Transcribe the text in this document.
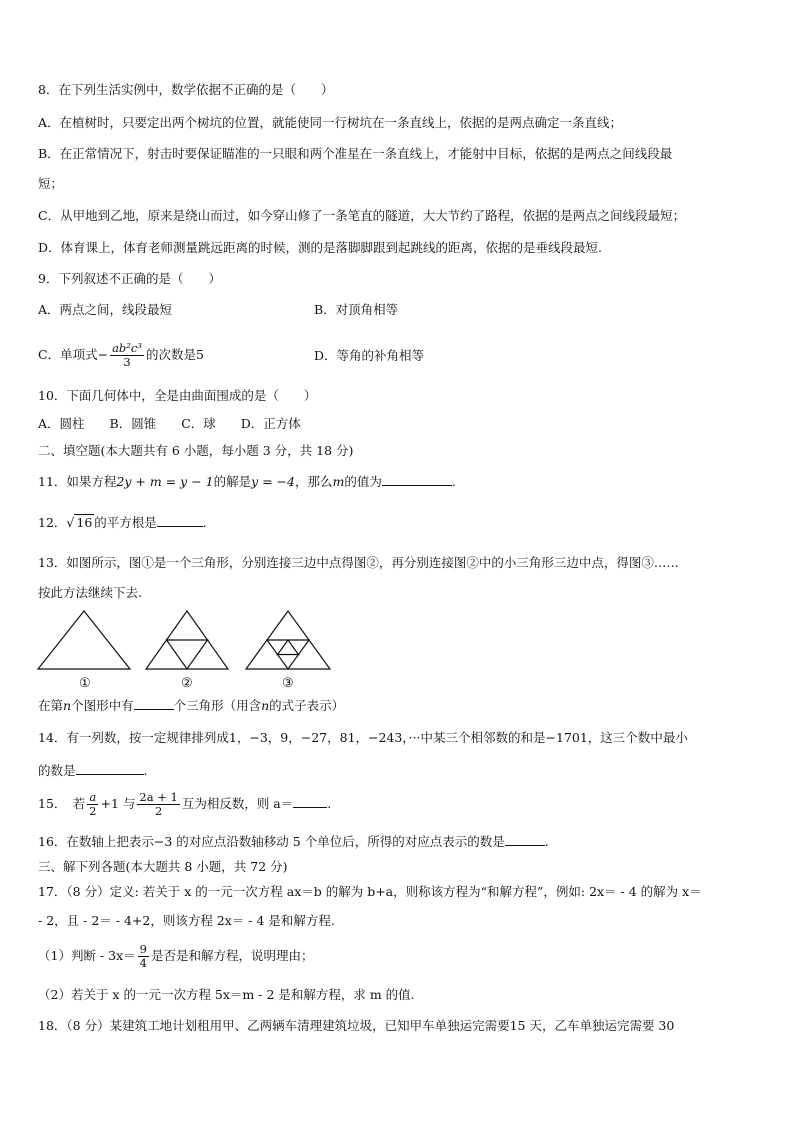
8．在下列生活实例中，数学依据不正确的是（　　）
A．在植树时，只要定出两个树坑的位置，就能使同一行树坑在一条直线上，依据的是两点确定一条直线；
B．在正常情况下，射击时要保证瞄准的一只眼和两个准星在一条直线上，才能射中目标，依据的是两点之间线段最
短；
C．从甲地到乙地，原来是绕山而过，如今穿山修了一条笔直的隧道，大大节约了路程，依据的是两点之间线段最短；
D．体育课上，体育老师测量跳远距离的时候，测的是落脚脚跟到起跳线的距离，依据的是垂线段最短.
9．下列叙述不正确的是（　　）
A．两点之间，线段最短	B．对顶角相等
C．单项式− $\frac{\text{ab²c³}}{3}$ 的次数是5	D．等角的补角相等
10．下面几何体中，全是由曲面围成的是（　　）
A．圆柱　　B．圆锥　　C．球　　D．正方体
二、填空题(本大题共有 6 小题，每小题 3 分，共 18 分)
11．如果方程2y + m = y − 1的解是y = −4，那么m的值为	.
12．√ 16 的平方根是	.
13．如图所示，图①是一个三角形，分别连接三边中点得图②，再分别连接图②中的小三角形三边中点，得图③……
按此方法继续下去.
①	②	③
在第n个图形中有	个三角形（用含n的式子表示）
14．有一列数，按一定规律排列成1，−3，9，−27，81，−243，···中某三个相邻数的和是−1701，这三个数中最小
的数是	.
15．　若 $\frac{a}{2} +1$ 与 $\frac{2a + 1}{2}$ 互为相反数，则 a＝	.
16．在数轴上把表示−3 的对应点沿数轴移动 5 个单位后，所得的对应点表示的数是	.
三、解下列各题(本大题共 8 小题，共 72 分)
17．（8 分）定义: 若关于 x 的一元一次方程 ax＝b 的解为 b+a，则称该方程为“和解方程”，例如: 2x＝ - 4 的解为 x＝
- 2，且 - 2＝ - 4+2，则该方程 2x＝ - 4 是和解方程.
（1）判断 - $3x= \frac{9}{4}$ 是否是和解方程，说明理由；
（2）若关于 x 的一元一次方程 5x＝m - 2 是和解方程，求 m 的值.
18．（8 分）某建筑工地计划租用甲、乙两辆车清理建筑垃圾，已知甲车单独运完需要15 天，乙车单独运完需要 30
